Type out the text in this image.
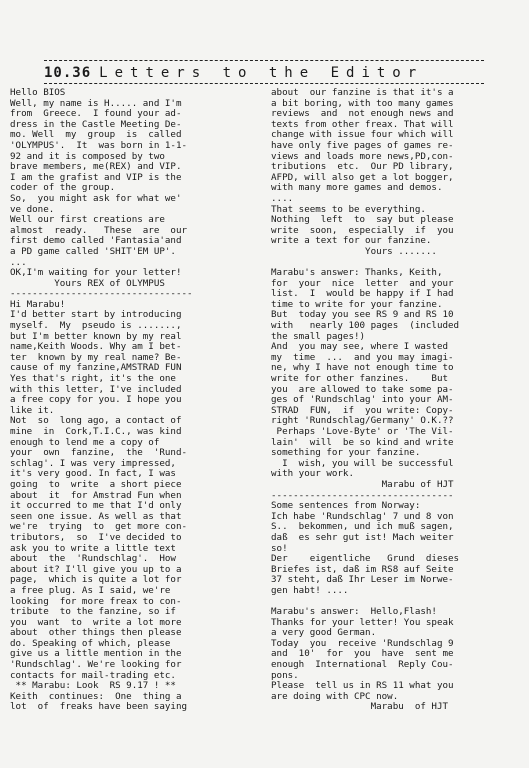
10.36 Letters to the Editor
Hello BIOS
Well, my name is H..... and I'm
from  Greece.  I found your ad-
dress in the Castle Meeting De-
mo. Well  my  group  is  called
'OLYMPUS'.  It  was born in 1-1-
92 and it is composed by two
brave members, me(REX) and VIP.
I am the grafist and VIP is the
coder of the group.
So,  you might ask for what we'
ve done.
Well our first creations are
almost  ready.   These  are  our
first demo called 'Fantasia'and
a PD game called 'SHIT'EM UP'.
...
OK,I'm waiting for your letter!
Yours REX of OLYMPUS
---------------------------------
Hi Marabu!
I'd better start by introducing
myself.  My  pseudo is .......,
but I'm better known by my real
name,Keith Woods. Why am I bet-
ter  known by my real name? Be-
cause of my fanzine,AMSTRAD FUN
Yes that's right, it's the one
with this letter, I've included
a free copy for you. I hope you
like it.
Not  so  long ago, a contact of
mine  in  Cork,T.I.C., was kind
enough to lend me a copy of
your  own  fanzine,  the  'Rund-
schlag'. I was very impressed,
it's very good. In fact, I was
going  to  write  a short piece
about  it  for Amstrad Fun when
it occurred to me that I'd only
seen one issue. As well as that
we're  trying  to  get more con-
tributors,  so  I've decided to
ask you to write a little text
about  the  'Rundschlag'.  How
about it? I'll give you up to a
page,  which is quite a lot for
a free plug. As I said, we're
looking  for more freax to con-
tribute  to the fanzine, so if
you  want  to  write a lot more
about  other things then please
do. Speaking of which, please
give us a little mention in the
'Rundschlag'. We're looking for
contacts for mail-trading etc.
** Marabu: Look  RS 9.17 ! **
Keith  continues:  One  thing a
lot  of  freaks have been saying
about  our fanzine is that it's a
a bit boring, with too many games
reviews  and  not enough news and
texts from other freax. That will
change with issue four which will
have only five pages of games re-
views and loads more news,PD,con-
tributions  etc.  Our PD library,
AFPD, will also get a lot bogger,
with many more games and demos.
....
That seems to be everything.
Nothing  left  to  say but please
write  soon,  especially  if  you
write a text for our fanzine.
Yours .......

Marabu's answer: Thanks, Keith,
for  your  nice  letter  and your
list.  I  would be happy if I had
time to write for your fanzine.
But  today you see RS 9 and RS 10
with   nearly 100 pages  (included
the small pages!)
And  you may see, where I wasted
my  time  ...  and you may imagi-
ne, why I have not enough time to
write for other fanzines.    But
you  are allowed to take some pa-
ges of 'Rundschlag' into your AM-
STRAD  FUN,  if  you write: Copy-
right 'Rundschlag/Germany' O.K.??
Perhaps 'Love-Byte' or 'The Vil-
lain'  will  be so kind and write
something for your fanzine.
I  wish, you will be successful
with your work.
Marabu of HJT
---------------------------------
Some sentences from Norway:
Ich habe 'Rundschlag' 7 und 8 von
S..  bekommen, und ich muß sagen,
daß  es sehr gut ist! Mach weiter
so!
Der    eigentliche   Grund  dieses
Briefes ist, daß im RS8 auf Seite
37 steht, daß Ihr Leser im Norwe-
gen habt! ....

Marabu's answer:  Hello,Flash!
Thanks for your letter! You speak
a very good German.
Today  you  receive 'Rundschlag 9
and  10'  for  you  have  sent me
enough  International  Reply Cou-
pons.
Please  tell us in RS 11 what you
are doing with CPC now.
Marabu  of HJT
